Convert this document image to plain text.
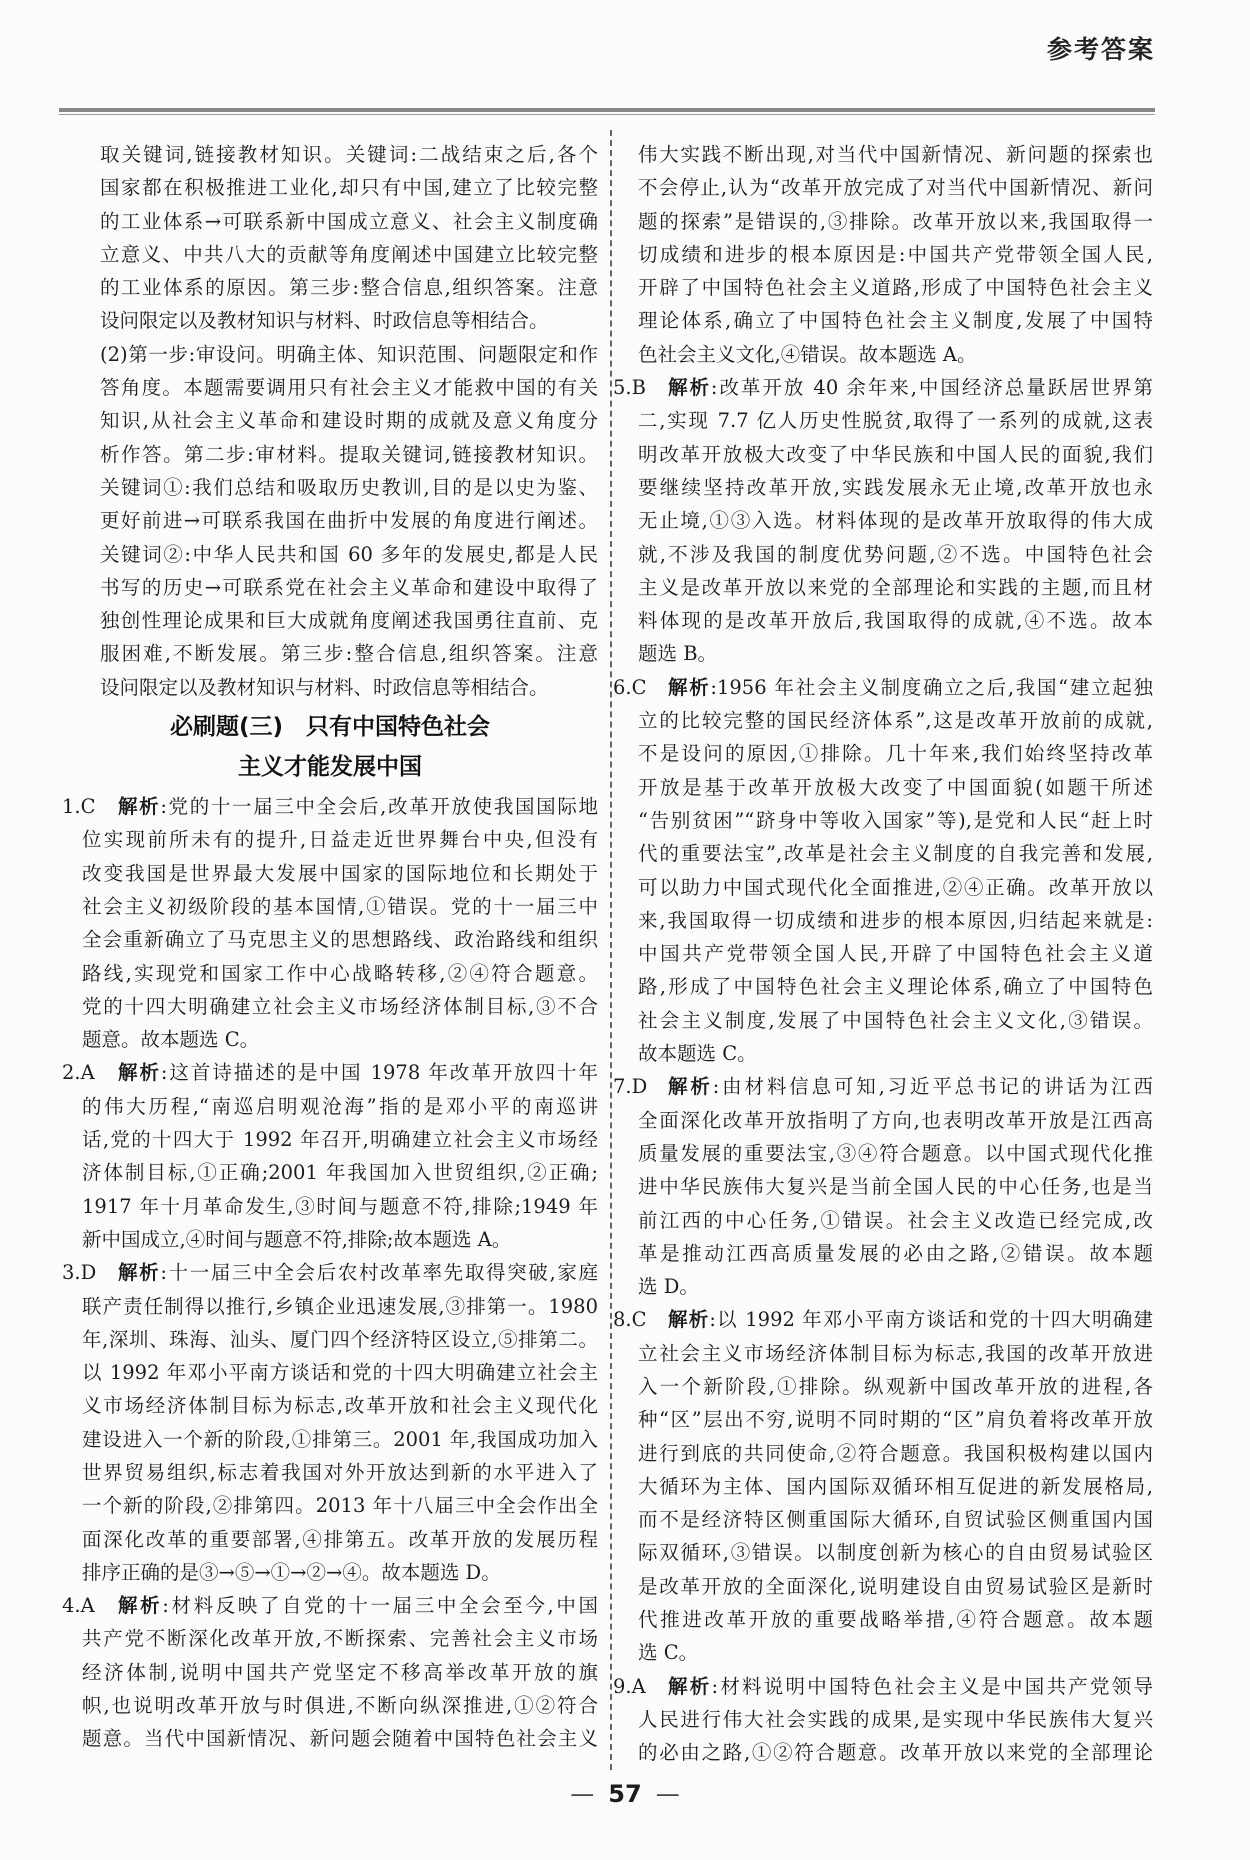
参考答案
取关键词,链接教材知识。关键词:二战结束之后,各个
国家都在积极推进工业化,却只有中国,建立了比较完整
的工业体系→可联系新中国成立意义、社会主义制度确
立意义、中共八大的贡献等角度阐述中国建立比较完整
的工业体系的原因。第三步:整合信息,组织答案。注意
设问限定以及教材知识与材料、时政信息等相结合。
(2)第一步:审设问。明确主体、知识范围、问题限定和作
答角度。本题需要调用只有社会主义才能救中国的有关
知识,从社会主义革命和建设时期的成就及意义角度分
析作答。第二步:审材料。提取关键词,链接教材知识。
关键词①:我们总结和吸取历史教训,目的是以史为鉴、
更好前进→可联系我国在曲折中发展的角度进行阐述。
关键词②:中华人民共和国 60 多年的发展史,都是人民
书写的历史→可联系党在社会主义革命和建设中取得了
独创性理论成果和巨大成就角度阐述我国勇往直前、克
服困难,不断发展。第三步:整合信息,组织答案。注意
设问限定以及教材知识与材料、时政信息等相结合。
必刷题(三)　只有中国特色社会
主义才能发展中国
1.C 解析:党的十一届三中全会后,改革开放使我国国际地
位实现前所未有的提升,日益走近世界舞台中央,但没有
改变我国是世界最大发展中国家的国际地位和长期处于
社会主义初级阶段的基本国情,①错误。党的十一届三中
全会重新确立了马克思主义的思想路线、政治路线和组织
路线,实现党和国家工作中心战略转移,②④符合题意。
党的十四大明确建立社会主义市场经济体制目标,③不合
题意。故本题选 C。
2.A 解析:这首诗描述的是中国 1978 年改革开放四十年
的伟大历程,“南巡启明观沧海”指的是邓小平的南巡讲
话,党的十四大于 1992 年召开,明确建立社会主义市场经
济体制目标,①正确;2001 年我国加入世贸组织,②正确;
1917 年十月革命发生,③时间与题意不符,排除;1949 年
新中国成立,④时间与题意不符,排除;故本题选 A。
3.D 解析:十一届三中全会后农村改革率先取得突破,家庭
联产责任制得以推行,乡镇企业迅速发展,③排第一。1980
年,深圳、珠海、汕头、厦门四个经济特区设立,⑤排第二。
以 1992 年邓小平南方谈话和党的十四大明确建立社会主
义市场经济体制目标为标志,改革开放和社会主义现代化
建设进入一个新的阶段,①排第三。2001 年,我国成功加入
世界贸易组织,标志着我国对外开放达到新的水平进入了
一个新的阶段,②排第四。2013 年十八届三中全会作出全
面深化改革的重要部署,④排第五。改革开放的发展历程
排序正确的是③→⑤→①→②→④。故本题选 D。
4.A 解析:材料反映了自党的十一届三中全会至今,中国
共产党不断深化改革开放,不断探索、完善社会主义市场
经济体制,说明中国共产党坚定不移高举改革开放的旗
帜,也说明改革开放与时俱进,不断向纵深推进,①②符合
题意。当代中国新情况、新问题会随着中国特色社会主义
伟大实践不断出现,对当代中国新情况、新问题的探索也
不会停止,认为“改革开放完成了对当代中国新情况、新问
题的探索”是错误的,③排除。改革开放以来,我国取得一
切成绩和进步的根本原因是:中国共产党带领全国人民,
开辟了中国特色社会主义道路,形成了中国特色社会主义
理论体系,确立了中国特色社会主义制度,发展了中国特
色社会主义文化,④错误。故本题选 A。
5.B 解析:改革开放 40 余年来,中国经济总量跃居世界第
二,实现 7.7 亿人历史性脱贫,取得了一系列的成就,这表
明改革开放极大改变了中华民族和中国人民的面貌,我们
要继续坚持改革开放,实践发展永无止境,改革开放也永
无止境,①③入选。材料体现的是改革开放取得的伟大成
就,不涉及我国的制度优势问题,②不选。中国特色社会
主义是改革开放以来党的全部理论和实践的主题,而且材
料体现的是改革开放后,我国取得的成就,④不选。故本
题选 B。
6.C 解析:1956 年社会主义制度确立之后,我国“建立起独
立的比较完整的国民经济体系”,这是改革开放前的成就,
不是设问的原因,①排除。几十年来,我们始终坚持改革
开放是基于改革开放极大改变了中国面貌(如题干所述
“告别贫困”“跻身中等收入国家”等),是党和人民“赶上时
代的重要法宝”,改革是社会主义制度的自我完善和发展,
可以助力中国式现代化全面推进,②④正确。改革开放以
来,我国取得一切成绩和进步的根本原因,归结起来就是:
中国共产党带领全国人民,开辟了中国特色社会主义道
路,形成了中国特色社会主义理论体系,确立了中国特色
社会主义制度,发展了中国特色社会主义文化,③错误。
故本题选 C。
7.D 解析:由材料信息可知,习近平总书记的讲话为江西
全面深化改革开放指明了方向,也表明改革开放是江西高
质量发展的重要法宝,③④符合题意。以中国式现代化推
进中华民族伟大复兴是当前全国人民的中心任务,也是当
前江西的中心任务,①错误。社会主义改造已经完成,改
革是推动江西高质量发展的必由之路,②错误。故本题
选 D。
8.C 解析:以 1992 年邓小平南方谈话和党的十四大明确建
立社会主义市场经济体制目标为标志,我国的改革开放进
入一个新阶段,①排除。纵观新中国改革开放的进程,各
种“区”层出不穷,说明不同时期的“区”肩负着将改革开放
进行到底的共同使命,②符合题意。我国积极构建以国内
大循环为主体、国内国际双循环相互促进的新发展格局,
而不是经济特区侧重国际大循环,自贸试验区侧重国内国
际双循环,③错误。以制度创新为核心的自由贸易试验区
是改革开放的全面深化,说明建设自由贸易试验区是新时
代推进改革开放的重要战略举措,④符合题意。故本题
选 C。
9.A 解析:材料说明中国特色社会主义是中国共产党领导
人民进行伟大社会实践的成果,是实现中华民族伟大复兴
的必由之路,①②符合题意。改革开放以来党的全部理论
— 57 —
